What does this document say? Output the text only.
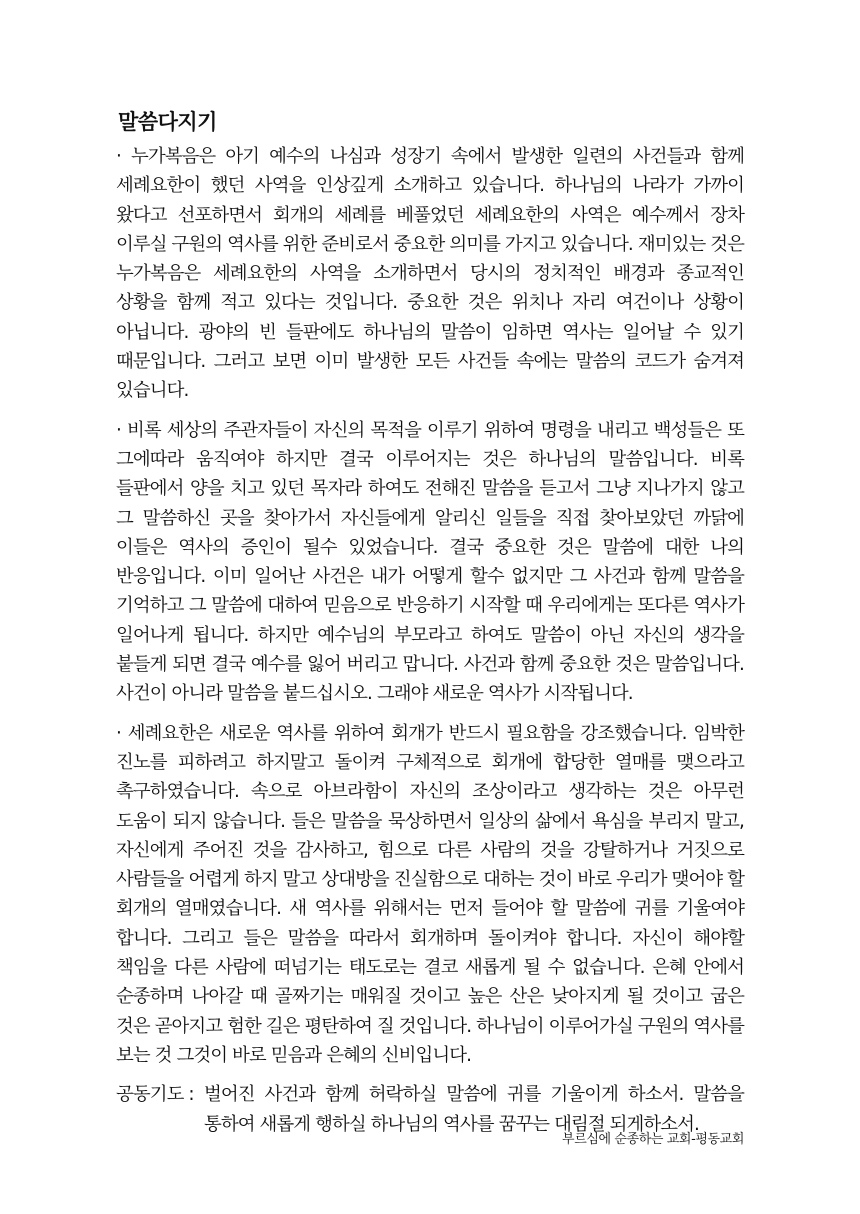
말씀다지기

· 누가복음은 아기 예수의 나심과 성장기 속에서 발생한 일련의 사건들과 함께 세례요한이 했던 사역을 인상깊게 소개하고 있습니다. 하나님의 나라가 가까이 왔다고 선포하면서 회개의 세례를 베풀었던 세례요한의 사역은 예수께서 장차 이루실 구원의 역사를 위한 준비로서 중요한 의미를 가지고 있습니다. 재미있는 것은 누가복음은 세례요한의 사역을 소개하면서 당시의 정치적인 배경과 종교적인 상황을 함께 적고 있다는 것입니다. 중요한 것은 위치나 자리 여건이나 상황이 아닙니다. 광야의 빈 들판에도 하나님의 말씀이 임하면 역사는 일어날 수 있기 때문입니다. 그러고 보면 이미 발생한 모든 사건들 속에는 말씀의 코드가 숨겨져 있습니다.

· 비록 세상의 주관자들이 자신의 목적을 이루기 위하여 명령을 내리고 백성들은 또 그에따라 움직여야 하지만 결국 이루어지는 것은 하나님의 말씀입니다. 비록 들판에서 양을 치고 있던 목자라 하여도 전해진 말씀을 듣고서 그냥 지나가지 않고 그 말씀하신 곳을 찾아가서 자신들에게 알리신 일들을 직접 찾아보았던 까닭에 이들은 역사의 증인이 될수 있었습니다. 결국 중요한 것은 말씀에 대한 나의 반응입니다. 이미 일어난 사건은 내가 어떻게 할수 없지만 그 사건과 함께 말씀을 기억하고 그 말씀에 대하여 믿음으로 반응하기 시작할 때 우리에게는 또다른 역사가 일어나게 됩니다. 하지만 예수님의 부모라고 하여도 말씀이 아닌 자신의 생각을 붙들게 되면 결국 예수를 잃어 버리고 맙니다. 사건과 함께 중요한 것은 말씀입니다. 사건이 아니라 말씀을 붙드십시오. 그래야 새로운 역사가 시작됩니다.

· 세례요한은 새로운 역사를 위하여 회개가 반드시 필요함을 강조했습니다. 임박한 진노를 피하려고 하지말고 돌이켜 구체적으로 회개에 합당한 열매를 맺으라고 촉구하였습니다. 속으로 아브라함이 자신의 조상이라고 생각하는 것은 아무런 도움이 되지 않습니다. 들은 말씀을 묵상하면서 일상의 삶에서 욕심을 부리지 말고, 자신에게 주어진 것을 감사하고, 힘으로 다른 사람의 것을 강탈하거나 거짓으로 사람들을 어렵게 하지 말고 상대방을 진실함으로 대하는 것이 바로 우리가 맺어야 할 회개의 열매였습니다. 새 역사를 위해서는 먼저 들어야 할 말씀에 귀를 기울여야 합니다. 그리고 들은 말씀을 따라서 회개하며 돌이켜야 합니다. 자신이 해야할 책임을 다른 사람에 떠넘기는 태도로는 결코 새롭게 될 수 없습니다. 은혜 안에서 순종하며 나아갈 때 골짜기는 매워질 것이고 높은 산은 낮아지게 될 것이고 굽은 것은 곧아지고 험한 길은 평탄하여 질 것입니다. 하나님이 이루어가실 구원의 역사를 보는 것 그것이 바로 믿음과 은혜의 신비입니다.

공동기도 : 벌어진 사건과 함께 허락하실 말씀에 귀를 기울이게 하소서. 말씀을 통하여 새롭게 행하실 하나님의 역사를 꿈꾸는 대림절 되게하소서.
부르심에 순종하는 교회-평동교회
